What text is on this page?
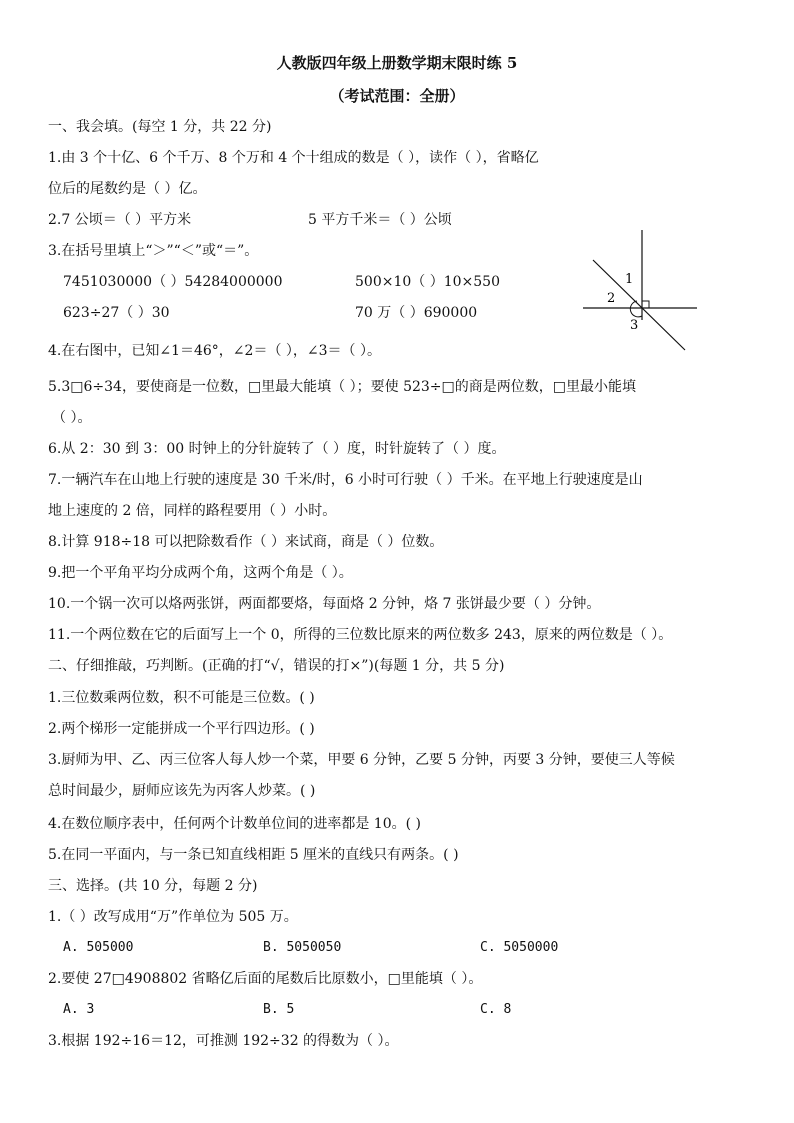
人教版四年级上册数学期末限时练 5
（考试范围：全册）
一、我会填。(每空 1 分，共 22 分)
1.由 3 个十亿、6 个千万、8 个万和 4 个十组成的数是（ ），读作（ ），省略亿
位后的尾数约是（ ）亿。
2.7 公顷＝（ ）平方米	5 平方千米＝（ ）公顷
3.在括号里填上“＞”“＜”或“＝”。
7451030000（ ）54284000000	500×10（ ）10×550
623÷27（ ）30	70 万（ ）690000
4.在右图中，已知∠1＝46°，∠2＝（ ），∠3＝（ ）。
5.3□6÷34，要使商是一位数，□里最大能填（ ）；要使 523÷□的商是两位数，□里最小能填
（ ）。
6.从 2：30 到 3：00 时钟上的分针旋转了（ ）度，时针旋转了（ ）度。
7.一辆汽车在山地上行驶的速度是 30 千米/时，6 小时可行驶（ ）千米。在平地上行驶速度是山
地上速度的 2 倍，同样的路程要用（ ）小时。
8.计算 918÷18 可以把除数看作（ ）来试商，商是（ ）位数。
9.把一个平角平均分成两个角，这两个角是（ ）。
10.一个锅一次可以烙两张饼，两面都要烙，每面烙 2 分钟，烙 7 张饼最少要（ ）分钟。
11.一个两位数在它的后面写上一个 0，所得的三位数比原来的两位数多 243，原来的两位数是（ ）。
二、仔细推敲，巧判断。(正确的打“√，错误的打×”)(每题 1 分，共 5 分)
1.三位数乘两位数，积不可能是三位数。( )
2.两个梯形一定能拼成一个平行四边形。( )
3.厨师为甲、乙、丙三位客人每人炒一个菜，甲要 6 分钟，乙要 5 分钟，丙要 3 分钟，要使三人等候
总时间最少，厨师应该先为丙客人炒菜。( )
4.在数位顺序表中，任何两个计数单位间的进率都是 10。( )
5.在同一平面内，与一条已知直线相距 5 厘米的直线只有两条。( )
三、选择。(共 10 分，每题 2 分)
1.（ ）改写成用“万”作单位为 505 万。
A. 505000	B. 5050050	C. 5050000
2.要使 27□4908802 省略亿后面的尾数后比原数小，□里能填（ ）。
A. 3	B. 5	C. 8
3.根据 192÷16＝12，可推测 192÷32 的得数为（ ）。
1
2
3
